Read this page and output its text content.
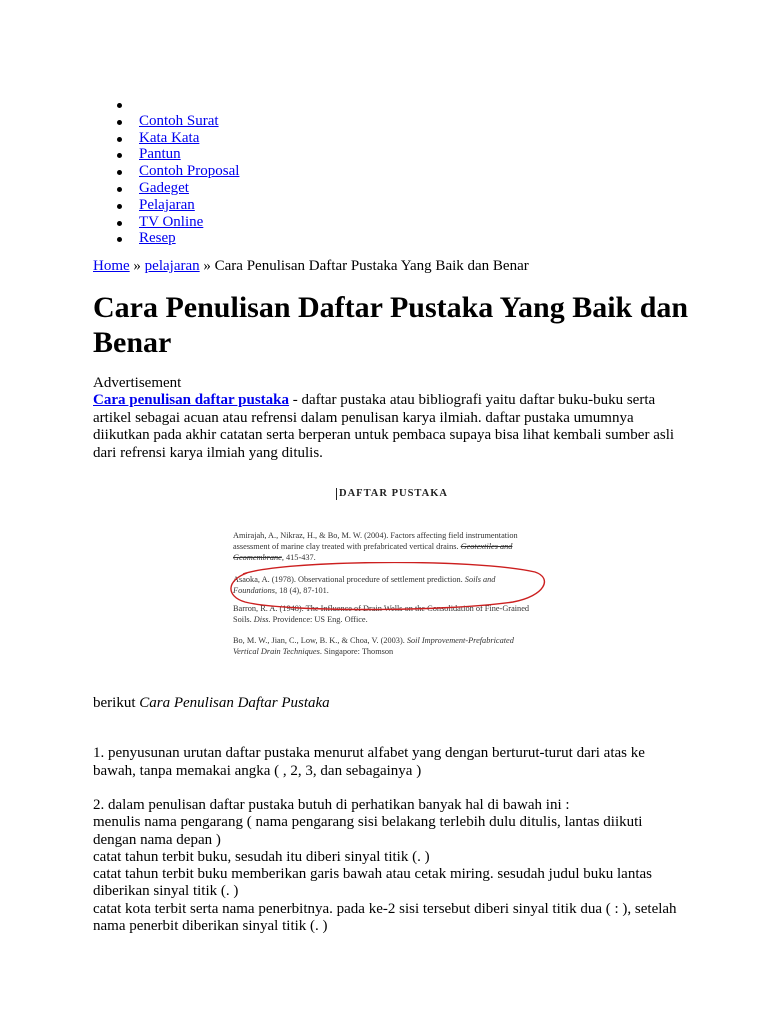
Contoh Surat
Kata Kata
Pantun
Contoh Proposal
Gadeget
Pelajaran
TV Online
Resep
Home » pelajaran » Cara Penulisan Daftar Pustaka Yang Baik dan Benar
Cara Penulisan Daftar Pustaka Yang Baik dan Benar
Advertisement
Cara penulisan daftar pustaka - daftar pustaka atau bibliografi yaitu daftar buku-buku serta artikel sebagai acuan atau refrensi dalam penulisan karya ilmiah. daftar pustaka umumnya diikutkan pada akhir catatan serta berperan untuk pembaca supaya bisa lihat kembali sumber asli dari refrensi karya ilmiah yang ditulis.
DAFTAR PUSTAKA
Amirajah, A., Nikraz, H., & Bo, M. W. (2004). Factors affecting field instrumentation assessment of marine clay treated with prefabricated vertical drains. Geotextiles and Geomembrane, 415-437.
Asaoka, A. (1978). Observational procedure of settlement prediction. Soils and Foundations, 18 (4), 87-101.
Barron, R. A. (1948). The Influence of Drain Wells on the Consolidation of Fine-Grained Soils. Diss. Providence: US Eng. Office.
Bo, M. W., Jian, C., Low, B. K., & Choa, V. (2003). Soil Improvement-Prefabricated Vertical Drain Techniques. Singapore: Thomson
berikut Cara Penulisan Daftar Pustaka
1. penyusunan urutan daftar pustaka menurut alfabet yang dengan berturut-turut dari atas ke bawah, tanpa memakai angka ( , 2, 3, dan sebagainya )

2. dalam penulisan daftar pustaka butuh di perhatikan banyak hal di bawah ini :

menulis nama pengarang ( nama pengarang sisi belakang terlebih dulu ditulis, lantas diikuti dengan nama depan )

catat tahun terbit buku, sesudah itu diberi sinyal titik (. )

catat tahun terbit buku memberikan garis bawah atau cetak miring. sesudah judul buku lantas diberikan sinyal titik (. )

catat kota terbit serta nama penerbitnya. pada ke-2 sisi tersebut diberi sinyal titik dua ( : ), setelah nama penerbit diberikan sinyal titik (. )
